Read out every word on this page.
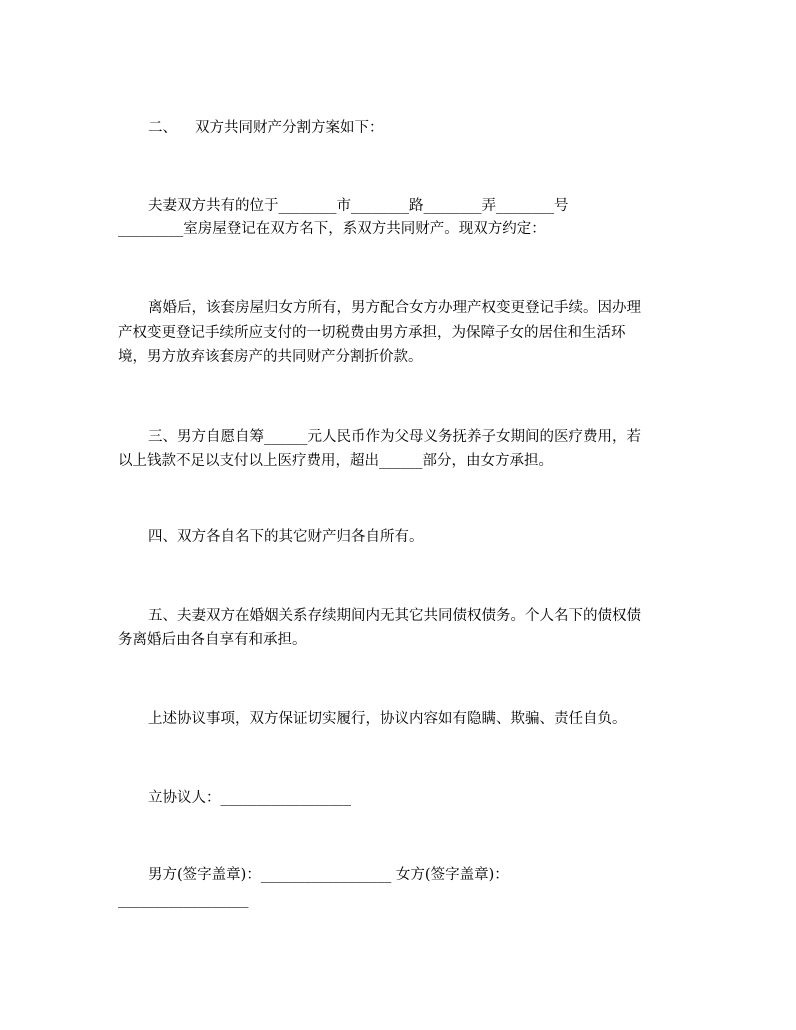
二、 双方共同财产分割方案如下：
夫妻双方共有的位于________市________路________弄________号
_________室房屋登记在双方名下，系双方共同财产。现双方约定：
离婚后，该套房屋归女方所有，男方配合女方办理产权变更登记手续。因办理
产权变更登记手续所应支付的一切税费由男方承担，为保障子女的居住和生活环
境，男方放弃该套房产的共同财产分割折价款。
三、男方自愿自筹______元人民币作为父母义务抚养子女期间的医疗费用，若
以上钱款不足以支付以上医疗费用，超出______部分，由女方承担。
四、双方各自名下的其它财产归各自所有。
五、夫妻双方在婚姻关系存续期间内无其它共同债权债务。个人名下的债权债
务离婚后由各自享有和承担。
上述协议事项，双方保证切实履行，协议内容如有隐瞒、欺骗、责任自负。
立协议人：__________________
男方(签字盖章)：__________________ 女方(签字盖章)：
__________________
